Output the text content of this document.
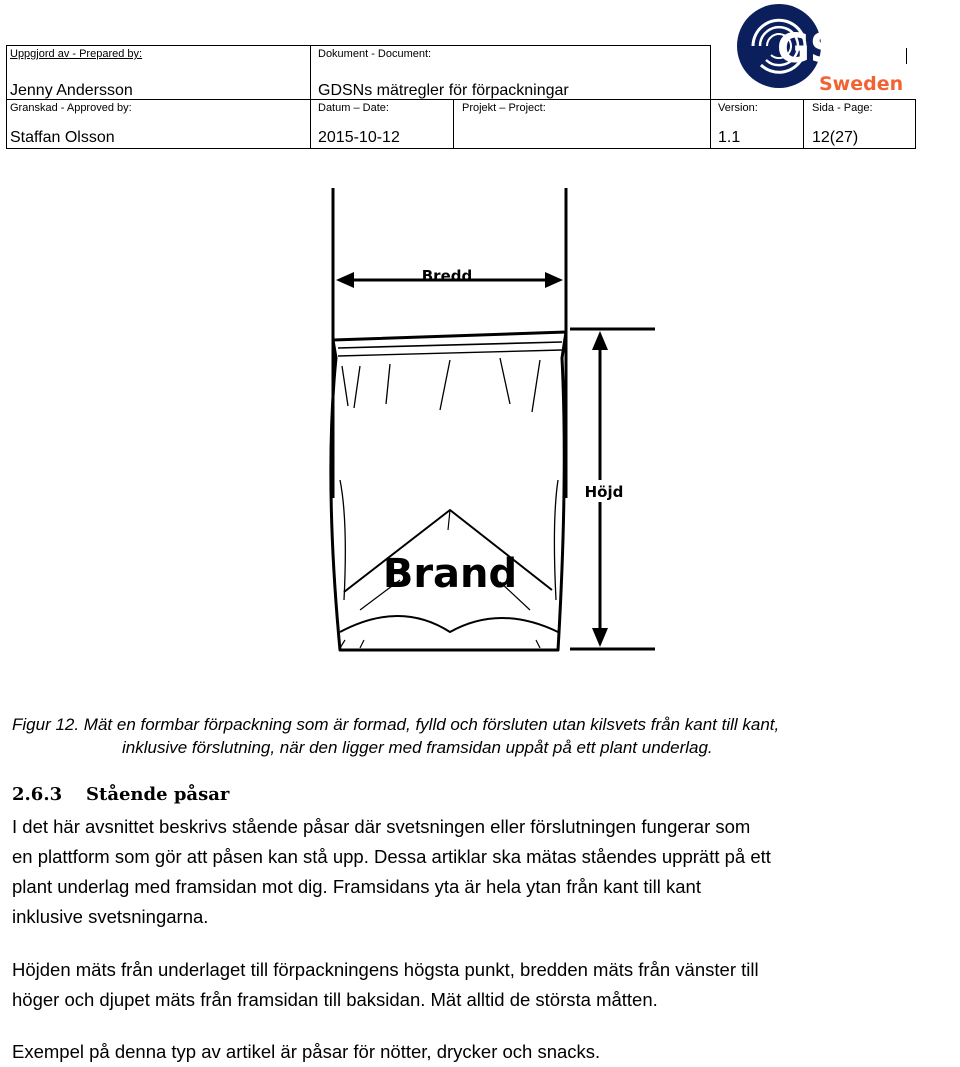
Uppgjord av - Prepared by:
Jenny Andersson
Dokument - Document:
GDSNs mätregler för förpackningar
Granskad - Approved by:
Staffan Olsson
Datum – Date:
2015-10-12
Projekt – Project:	Version:
1.1
Sida - Page:
12(27)
GS1
Sweden
Bredd
Höjd
Brand
Figur 12. Mät en formbar förpackning som är formad, fylld och försluten utan kilsvets från kant till kant,
inklusive förslutning, när den ligger med framsidan uppåt på ett plant underlag.
2.6.3 Stående påsar
I det här avsnittet beskrivs stående påsar där svetsningen eller förslutningen fungerar som
en plattform som gör att påsen kan stå upp. Dessa artiklar ska mätas ståendes upprätt på ett
plant underlag med framsidan mot dig. Framsidans yta är hela ytan från kant till kant
inklusive svetsningarna.
Höjden mäts från underlaget till förpackningens högsta punkt, bredden mäts från vänster till
höger och djupet mäts från framsidan till baksidan. Mät alltid de största måtten.
Exempel på denna typ av artikel är påsar för nötter, drycker och snacks.
